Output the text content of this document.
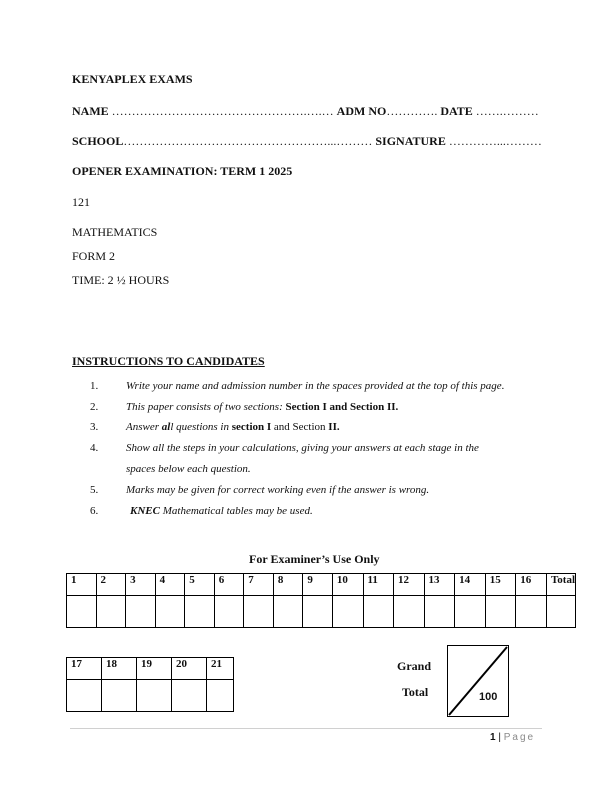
KENYAPLEX EXAMS
NAME ………………………………………….….… ADM NO…………. DATE …….………
SCHOOL……………………………………………...……… SIGNATURE …………...………
OPENER EXAMINATION: TERM 1 2025
121
MATHEMATICS
FORM 2
TIME: 2 ½ HOURS
INSTRUCTIONS TO CANDIDATES
1.	Write your name and admission number in the spaces provided at the top of this page.
2.	This paper consists of two sections: Section I and Section II.
3.	Answer all questions in section I and Section II.
4.	Show all the steps in your calculations, giving your answers at each stage in the
spaces below each question.
5.	Marks may be given for correct working even if the answer is wrong.
6.	KNEC Mathematical tables may be used.
For Examiner’s Use Only
1	2	3	4	5	6	7	8	9	10	11	12	13	14	15	16	Total

17	18	19	20	21
					Grand
Total	100
1 | Page
